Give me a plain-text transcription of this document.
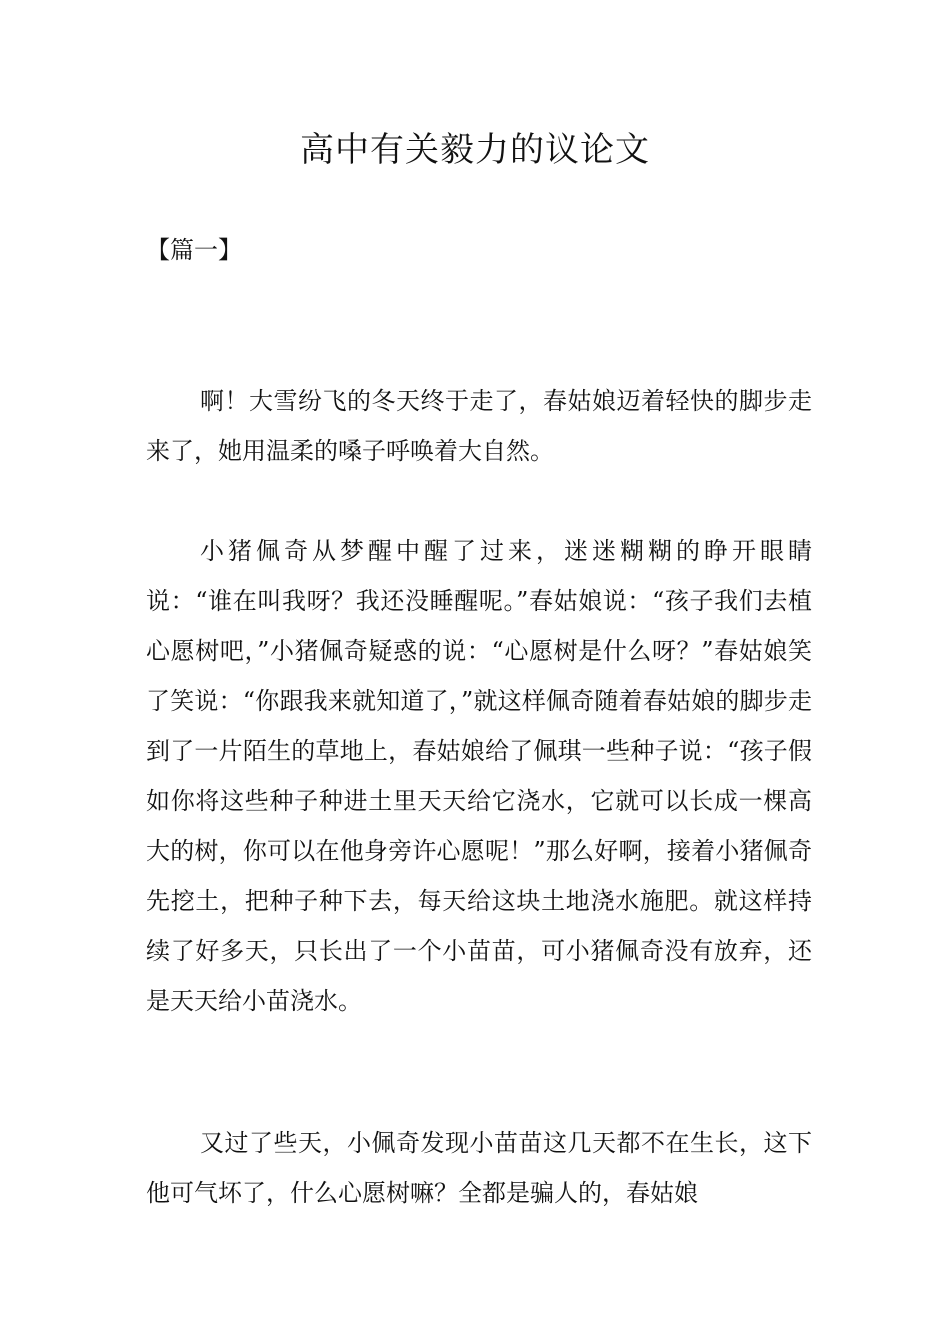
高中有关毅力的议论文
【篇一】

啊！大雪纷飞的冬天终于走了，春姑娘迈着轻快的脚步走来了，她用温柔的嗓子呼唤着大自然。

小猪佩奇从梦醒中醒了过来，迷迷糊糊的睁开眼睛说：“谁在叫我呀？我还没睡醒呢。”春姑娘说：“孩子我们去植心愿树吧，”小猪佩奇疑惑的说：“心愿树是什么呀？”春姑娘笑了笑说：“你跟我来就知道了，”就这样佩奇随着春姑娘的脚步走到了一片陌生的草地上，春姑娘给了佩琪一些种子说：“孩子假如你将这些种子种进土里天天给它浇水，它就可以长成一棵高大的树，你可以在他身旁许心愿呢！”那么好啊，接着小猪佩奇先挖土，把种子种下去，每天给这块土地浇水施肥。就这样持续了好多天，只长出了一个小苗苗，可小猪佩奇没有放弃，还是天天给小苗浇水。

又过了些天，小佩奇发现小苗苗这几天都不在生长，这下他可气坏了，什么心愿树嘛？全都是骗人的，春姑娘
